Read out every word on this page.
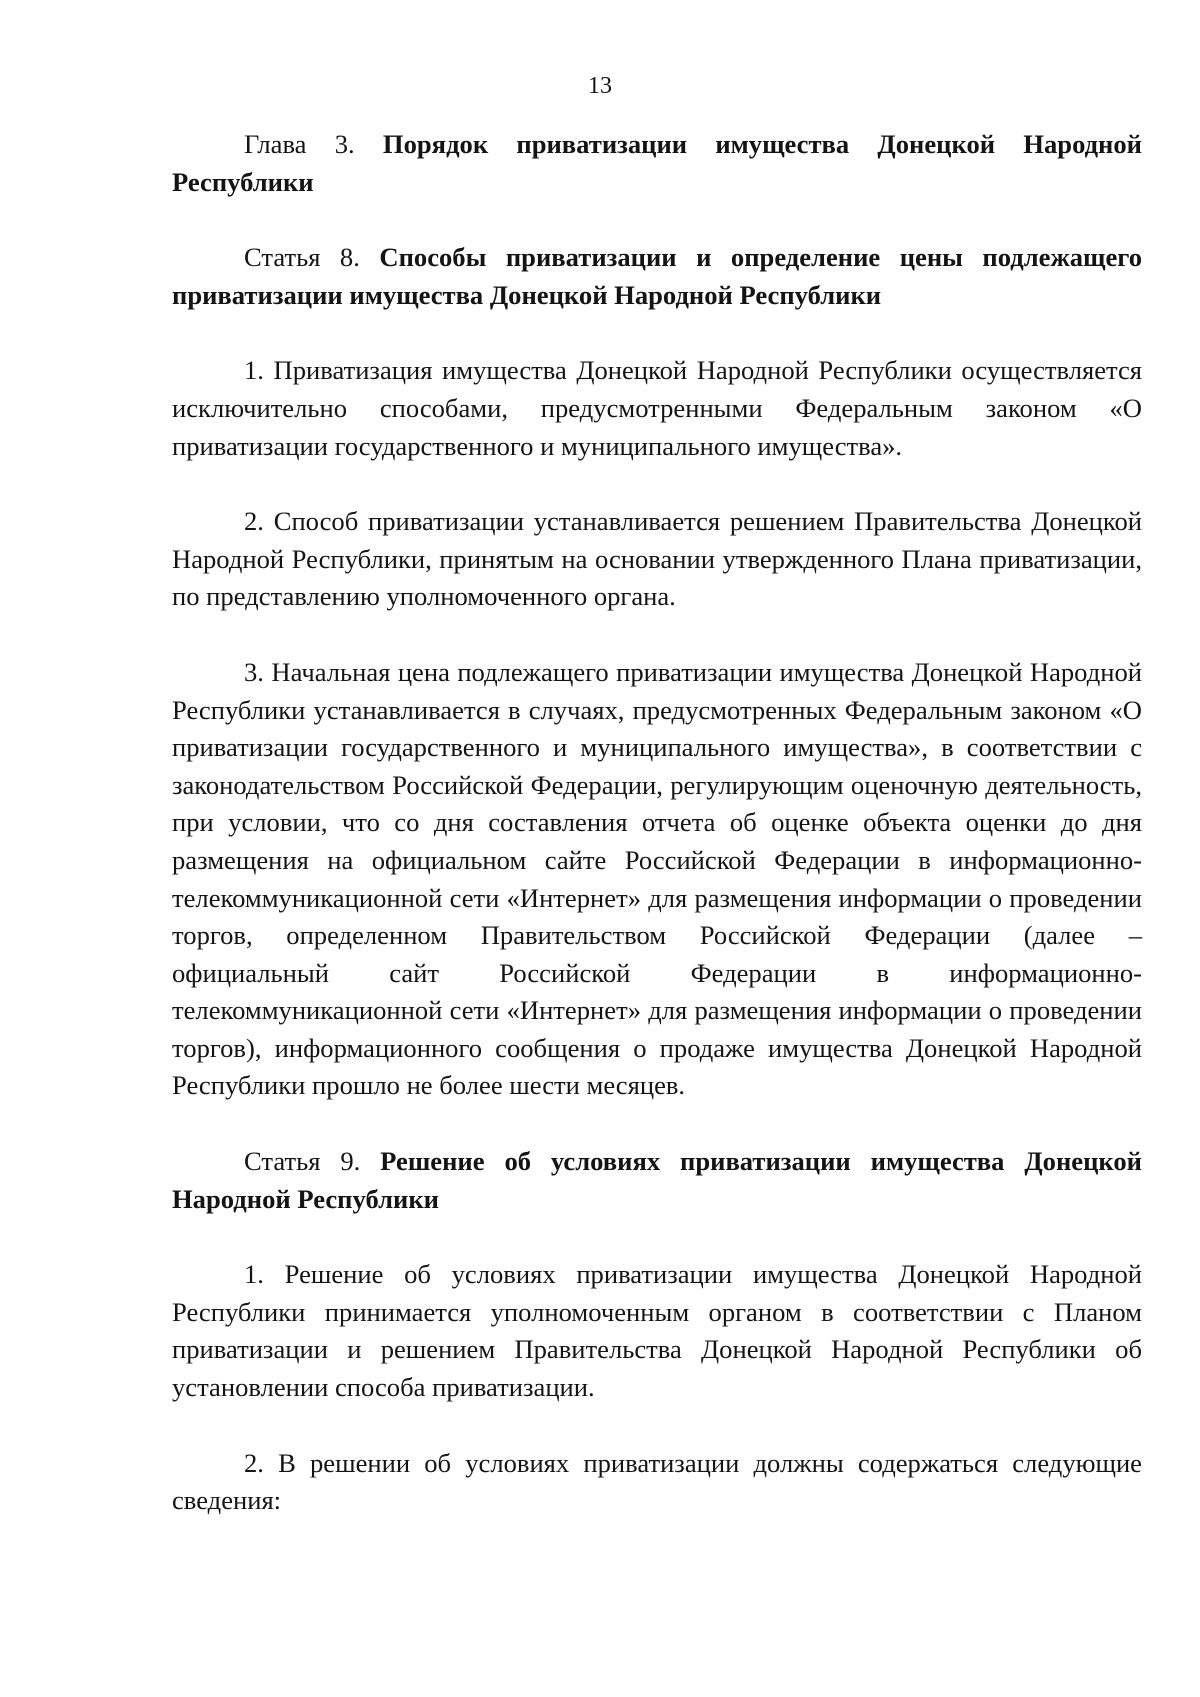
13

Глава 3. Порядок приватизации имущества Донецкой Народной Республики

Статья 8. Способы приватизации и определение цены подлежащего приватизации имущества Донецкой Народной Республики

1. Приватизация имущества Донецкой Народной Республики осуществляется исключительно способами, предусмотренными Федеральным законом «О приватизации государственного и муниципального имущества».

2. Способ приватизации устанавливается решением Правительства Донецкой Народной Республики, принятым на основании утвержденного Плана приватизации, по представлению уполномоченного органа.

3. Начальная цена подлежащего приватизации имущества Донецкой Народной Республики устанавливается в случаях, предусмотренных Федеральным законом «О приватизации государственного и муниципального имущества», в соответствии с законодательством Российской Федерации, регулирующим оценочную деятельность, при условии, что со дня составления отчета об оценке объекта оценки до дня размещения на официальном сайте Российской Федерации в информационно-телекоммуникационной сети «Интернет» для размещения информации о проведении торгов, определенном Правительством Российской Федерации (далее – официальный сайт Российской Федерации в информационно-телекоммуникационной сети «Интернет» для размещения информации о проведении торгов), информационного сообщения о продаже имущества Донецкой Народной Республики прошло не более шести месяцев.

Статья 9. Решение об условиях приватизации имущества Донецкой Народной Республики

1. Решение об условиях приватизации имущества Донецкой Народной Республики принимается уполномоченным органом в соответствии с Планом приватизации и решением Правительства Донецкой Народной Республики об установлении способа приватизации.

2. В решении об условиях приватизации должны содержаться следующие сведения:
